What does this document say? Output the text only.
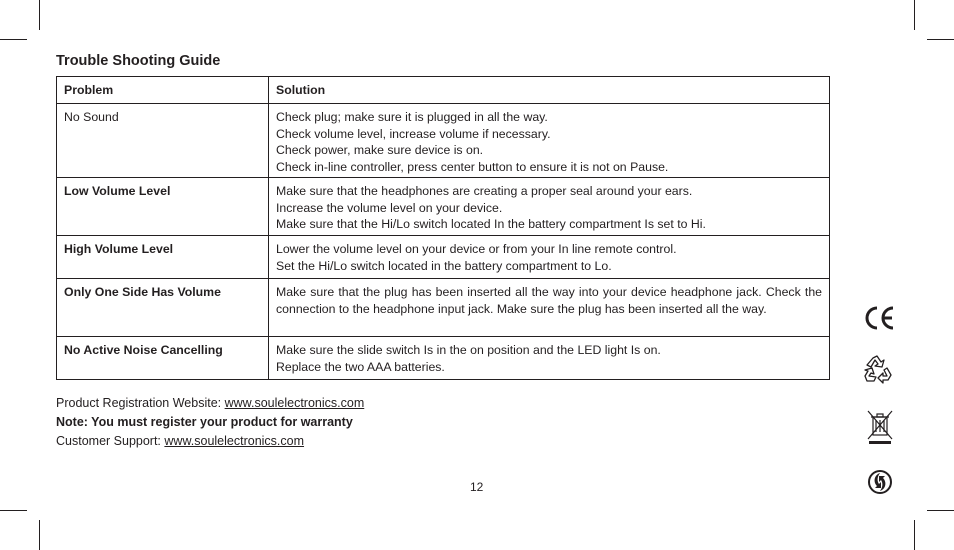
Trouble Shooting Guide
Problem	Solution
No Sound	Check plug; make sure it is plugged in all the way.
Check volume level, increase volume if necessary.
Check power, make sure device is on.
Check in-line controller, press center button to ensure it is not on Pause.

Low Volume Level	Make sure that the headphones are creating a proper seal around your ears.
Increase the volume level on your device.
Make sure that the Hi/Lo switch located In the battery compartment Is set to Hi.

High Volume Level	Lower the volume level on your device or from your In line remote control.
Set the Hi/Lo switch located in the battery compartment to Lo.

Only One Side Has Volume	Make sure that the plug has been inserted all the way into your device headphone jack. Check the connection to the headphone input jack. Make sure the plug has been inserted all the way.
No Active Noise Cancelling	Make sure the slide switch Is in the on position and the LED light Is on.
Replace the two AAA batteries.
Product Registration Website: www.soulelectronics.com
Note: You must register your product for warranty
Customer Support: www.soulelectronics.com
12
